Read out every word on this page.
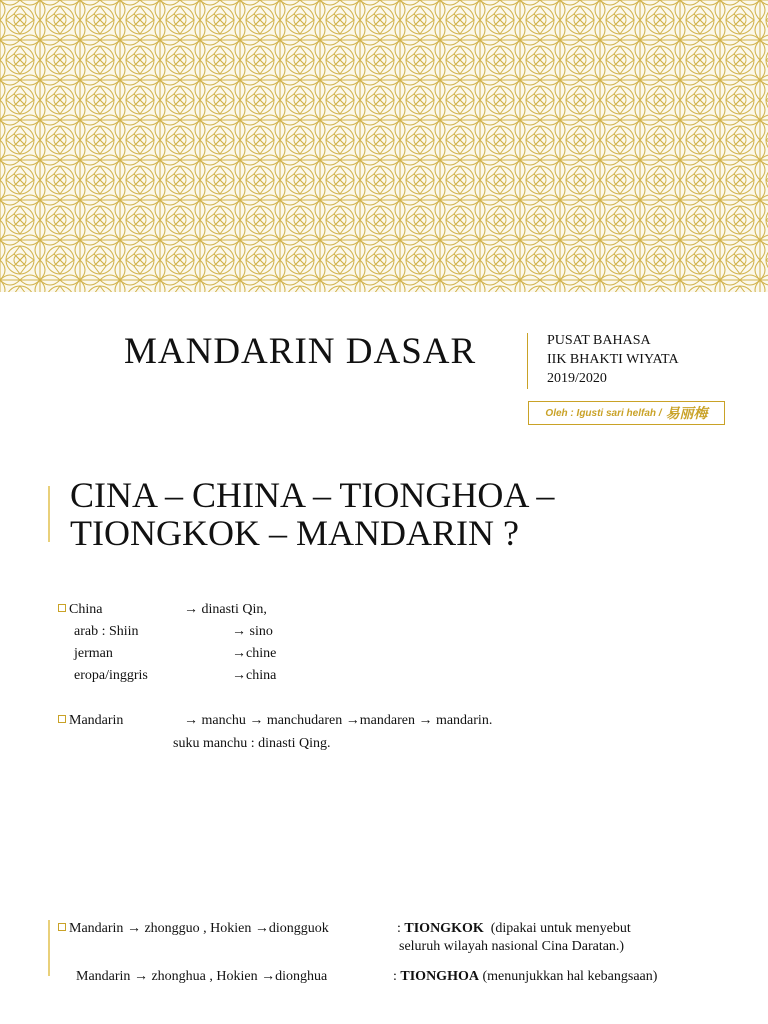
MANDARIN DASAR	PUSAT BAHASA
IIK BHAKTI WIYATA
2019/2020
Oleh : Igusti sari helfah / 易丽梅
CINA – CHINA – TIONGHOA –
TIONGKOK – MANDARIN ?
China	→ dinasti Qin,
arab : Shiin	→ sino
jerman	→chine
eropa/inggris	→china
Mandarin	→ manchu → manchudaren →mandaren → mandarin.
suku manchu : dinasti Qing.
Mandarin → zhongguo , Hokien →diongguok	: TIONGKOK (dipakai untuk menyebut
seluruh wilayah nasional Cina Daratan.)
Mandarin → zhonghua , Hokien →dionghua	: TIONGHOA (menunjukkan hal kebangsaan)
